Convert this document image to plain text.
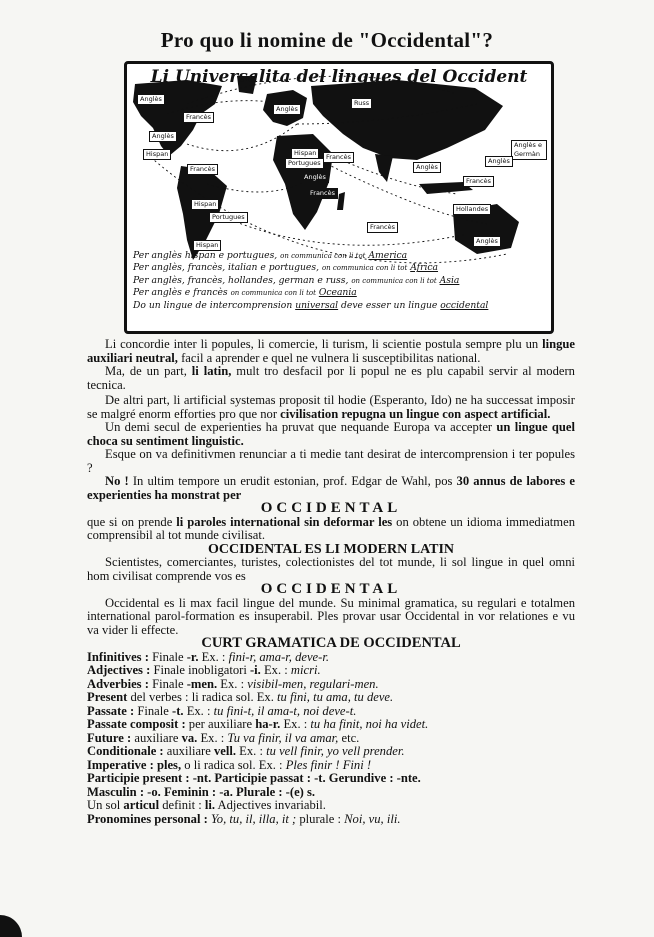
Pro quo li nomine de "Occidental"?
Li Universalita del lingues del Occident
Anglès
Francès
Anglès
Hispan
Anglès
Russ
Anglès e Germàn
Anglès
Hispan
Portugues
Francès
Francès	Anglès
Francès
Anglès
Francès
Hollandes
Francès
Anglès
Hispan
Portugues
Hispan
Per anglès hispan e portugues, on communica con li tot America
Per anglès, francès, italian e portugues, on communica con li tot Africa
Per anglès, francès, hollandes, german e russ, on communica con li tot Asia
Per anglès e francès on communica con li tot Oceania
Do un lingue de intercomprension universal deve esser un lingue occidental

Li concordie inter li popules, li comercie, li turism, li scientie postula sempre plu un lingue auxiliari neutral, facil a aprender e quel ne vulnera li susceptibilitas national.

Ma, de un part, li latin, mult tro desfacil por li popul ne es plu capabil servir al modern tecnica.

De altri part, li artificial systemas proposit til hodie (Esperanto, Ido) ne ha successat imposir se malgré enorm efforties pro que nor civilisation repugna un lingue con aspect artificial.

Un demi secul de experienties ha pruvat que nequande Europa va accepter un lingue quel choca su sentiment linguistic.

Esque on va definitivmen renunciar a ti medie tant desirat de intercomprension i ter popules ?

No ! In ultim tempore un erudit estonian, prof. Edgar de Wahl, pos 30 annus de labores e experienties ha monstrat per

OCCIDENTAL

que si on prende li paroles international sin deformar les on obtene un idioma immediatmen comprensibil al tot munde civilisat.

OCCIDENTAL ES LI MODERN LATIN

Scientistes, comerciantes, turistes, colectionistes del tot munde, li sol lingue in quel omni hom civilisat comprende vos es

OCCIDENTAL

Occidental es li max facil lingue del munde. Su minimal gramatica, su regulari e totalmen international parol-formation es insuperabil. Ples provar usar Occidental in vor relationes e vu va vider li effecte.

CURT GRAMATICA DE OCCIDENTAL

Infinitives : Finale -r. Ex. : fini-r, ama-r, deve-r.

Adjectives : Finale inobligatori -i. Ex. : micri.

Adverbies : Finale -men. Ex. : visibil-men, regulari-men.

Present del verbes : li radica sol. Ex. tu fini, tu ama, tu deve.

Passate : Finale -t. Ex. : tu fini-t, il ama-t, noi deve-t.

Passate composit : per auxiliare ha-r. Ex. : tu ha finit, noi ha videt.

Future : auxiliare va. Ex. : Tu va finir, il va amar, etc.

Conditionale : auxiliare vell. Ex. : tu vell finir, yo vell prender.

Imperative : ples, o li radica sol. Ex. : Ples finir ! Fini !

Participie present : -nt. Participie passat : -t. Gerundive : -nte.

Masculin : -o. Feminin : -a. Plurale : -(e) s.

Un sol articul definit : li. Adjectives invariabil.

Pronomines personal : Yo, tu, il, illa, it ; plurale : Noi, vu, ili.
